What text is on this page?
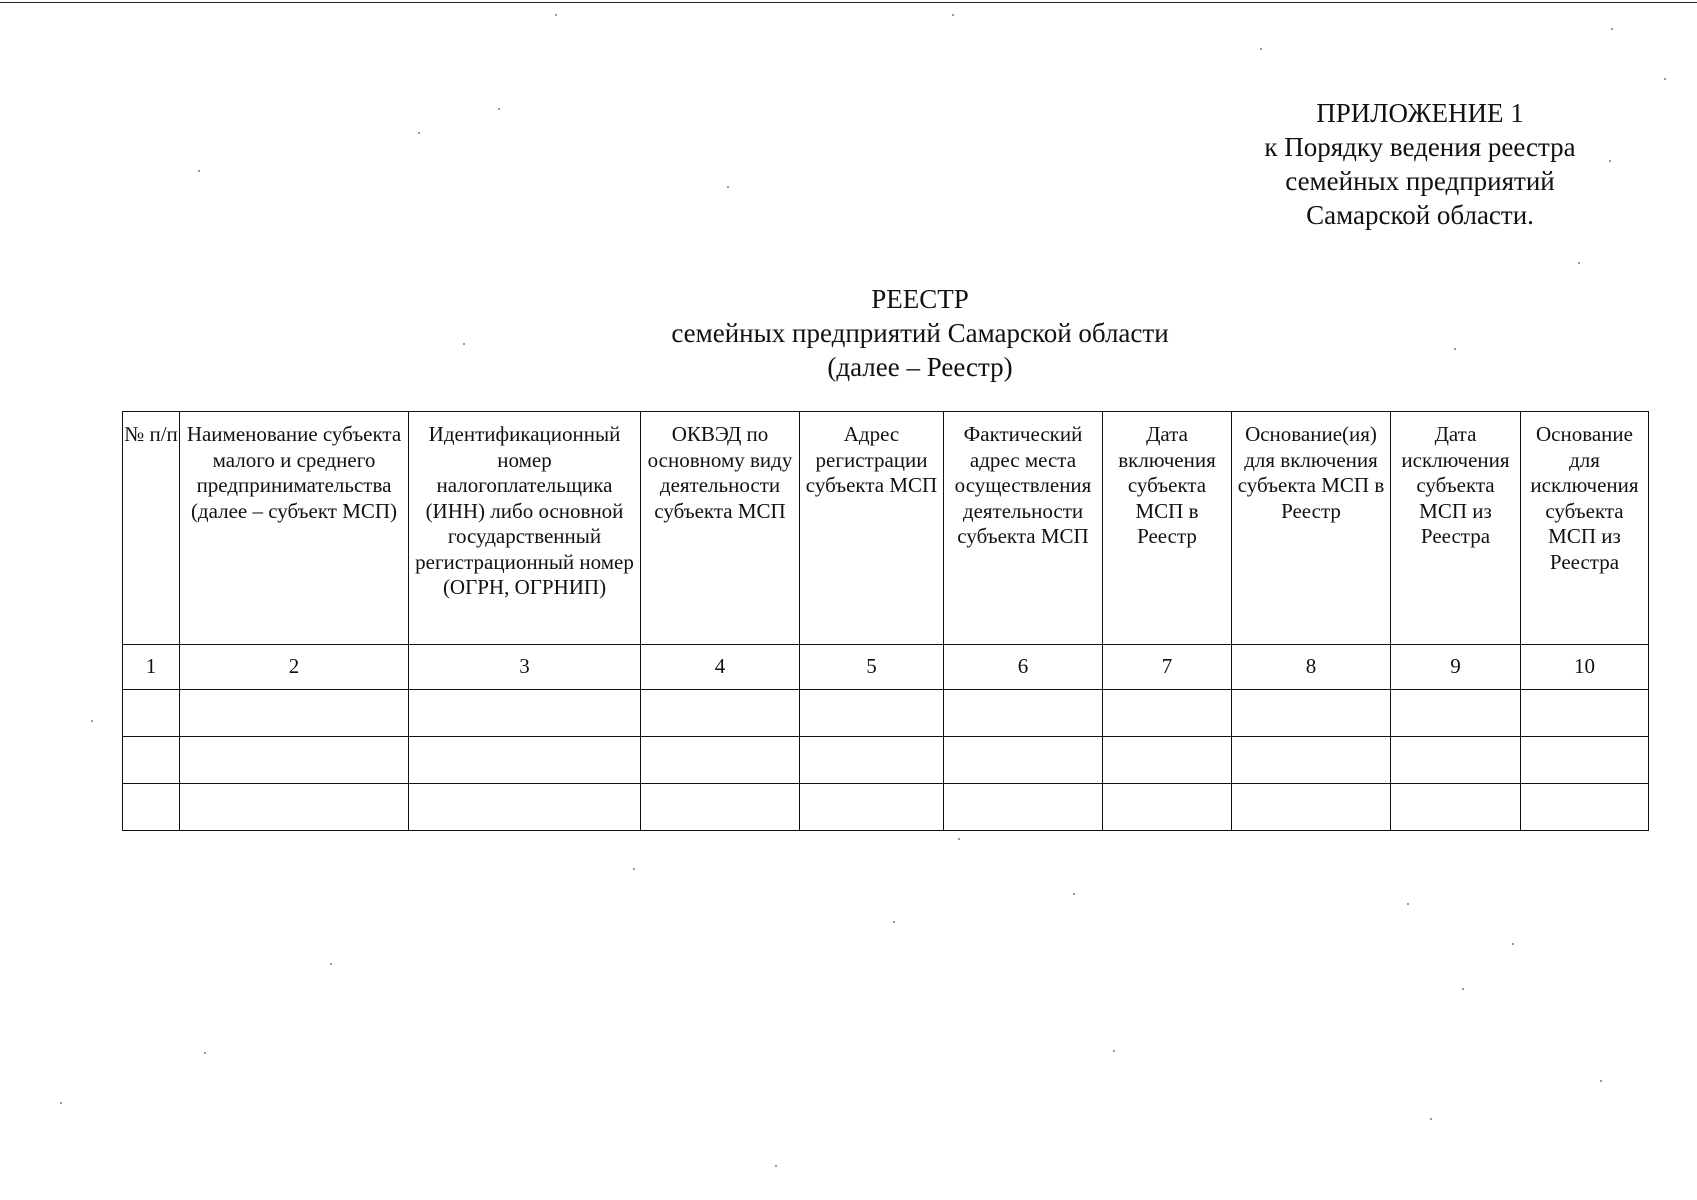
ПРИЛОЖЕНИЕ 1
к Порядку ведения реестра
семейных предприятий
Самарской области.
РЕЕСТР
семейных предприятий Самарской области
(далее – Реестр)
№ п/п	Наименование субъекта малого и среднего предпринимательства (далее – субъект МСП)	Идентификационный номер налогоплательщика (ИНН) либо основной государственный регистрационный номер (ОГРН, ОГРНИП)	ОКВЭД по основному виду деятельности субъекта МСП	Адрес регистрации субъекта МСП	Фактический адрес места осуществления деятельности субъекта МСП	Дата включения субъекта МСП в Реестр	Основание(ия) для включения субъекта МСП в Реестр	Дата исключения субъекта МСП из Реестра	Основание для исключения субъекта МСП из Реестра
1	2	3	4	5	6	7	8	9	10
